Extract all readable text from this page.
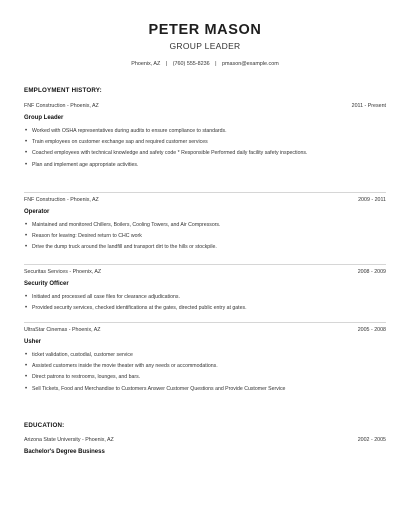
PETER MASON
GROUP LEADER
Phoenix, AZ | (760) 555-8236 | pmason@example.com
EMPLOYMENT HISTORY:
FNF Construction - Phoenix, AZ	2011 - Present
Group Leader
• Worked with OSHA representatives during audits to ensure compliance to standards.
• Train employees on customer exchange sap and required customer services
• Coached employees with technical knowledge and safety code * Responsible Performed daily facility safety inspections.
• Plan and implement age appropriate activities.
FNF Construction - Phoenix, AZ	2009 - 2011
Operator
• Maintained and monitored Chillers, Boilers, Cooling Towers, and Air Compressors.
• Reason for leaving: Desired return to CHC work
• Drive the dump truck around the landfill and transport dirt to the hills or stockpile.
Securitas Services - Phoenix, AZ	2008 - 2009
Security Officer
• Initiated and processed all case files for clearance adjudications.
• Provided security services, checked identifications at the gates, directed public entry at gates.
UltraStar Cinemas - Phoenix, AZ	2005 - 2008
Usher
• ticket validation, custodial, customer service
• Assisted customers inside the movie theater with any needs or accommodations.
• Direct patrons to restrooms, lounges, and bars.
• Sell Tickets, Food and Merchandise to Customers Answer Customer Questions and Provide Customer Service
EDUCATION:
Arizona State University - Phoenix, AZ	2002 - 2005
Bachelor's Degree Business
